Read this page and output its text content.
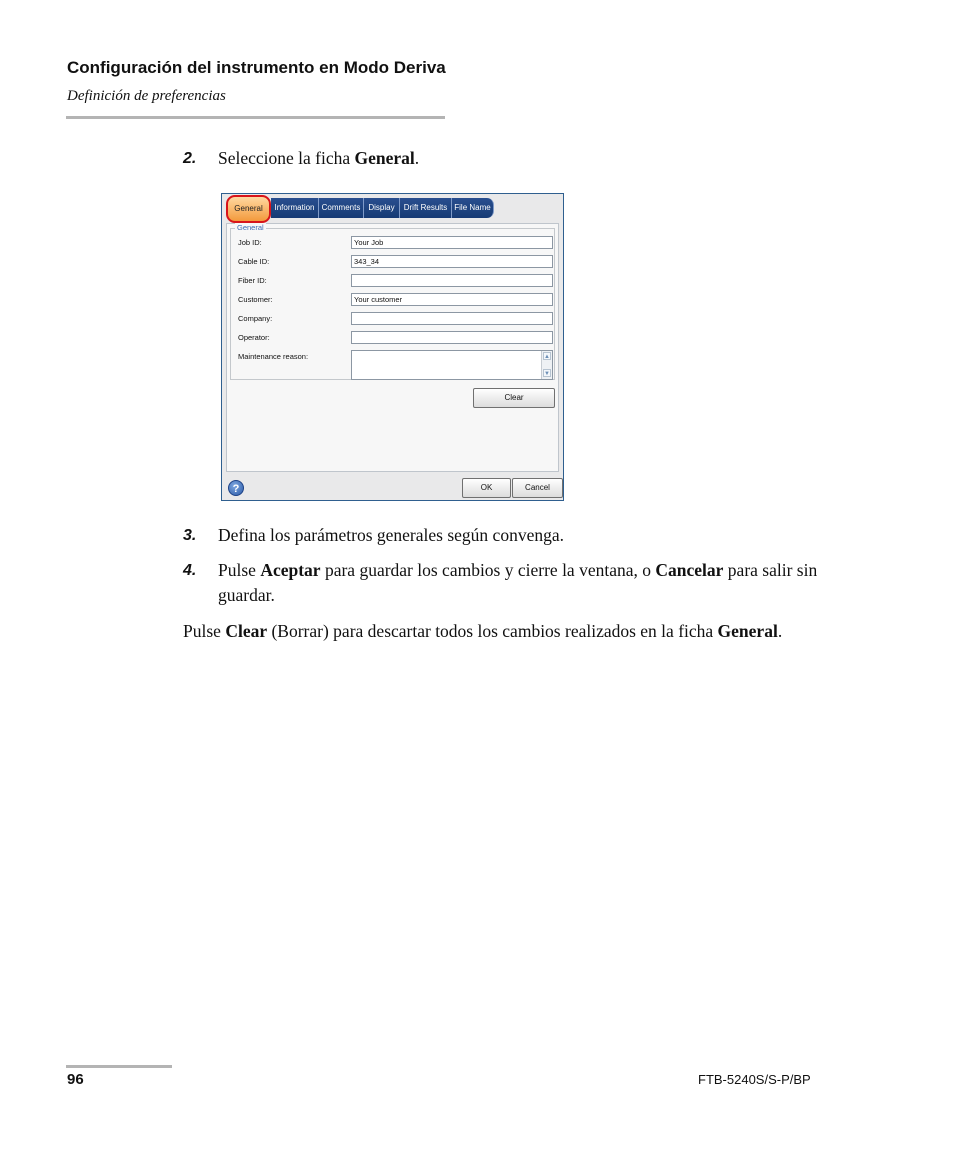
Configuración del instrumento en Modo Deriva
Definición de preferencias
2. Seleccione la ficha General.
General	Information Comments	Display	Drift Results File Name
General
Job ID:	Your Job
Cable ID:	343_34
Fiber ID:
Customer:	Your customer
Company:
Operator:
Maintenance reason:	▲
▼
Clear
?	OK	Cancel
3. Defina los parámetros generales según convenga.
4. Pulse Aceptar para guardar los cambios y cierre la ventana, o Cancelar para salir sin guardar.
Pulse Clear (Borrar) para descartar todos los cambios realizados en la ficha General.
96	FTB-5240S/S-P/BP
